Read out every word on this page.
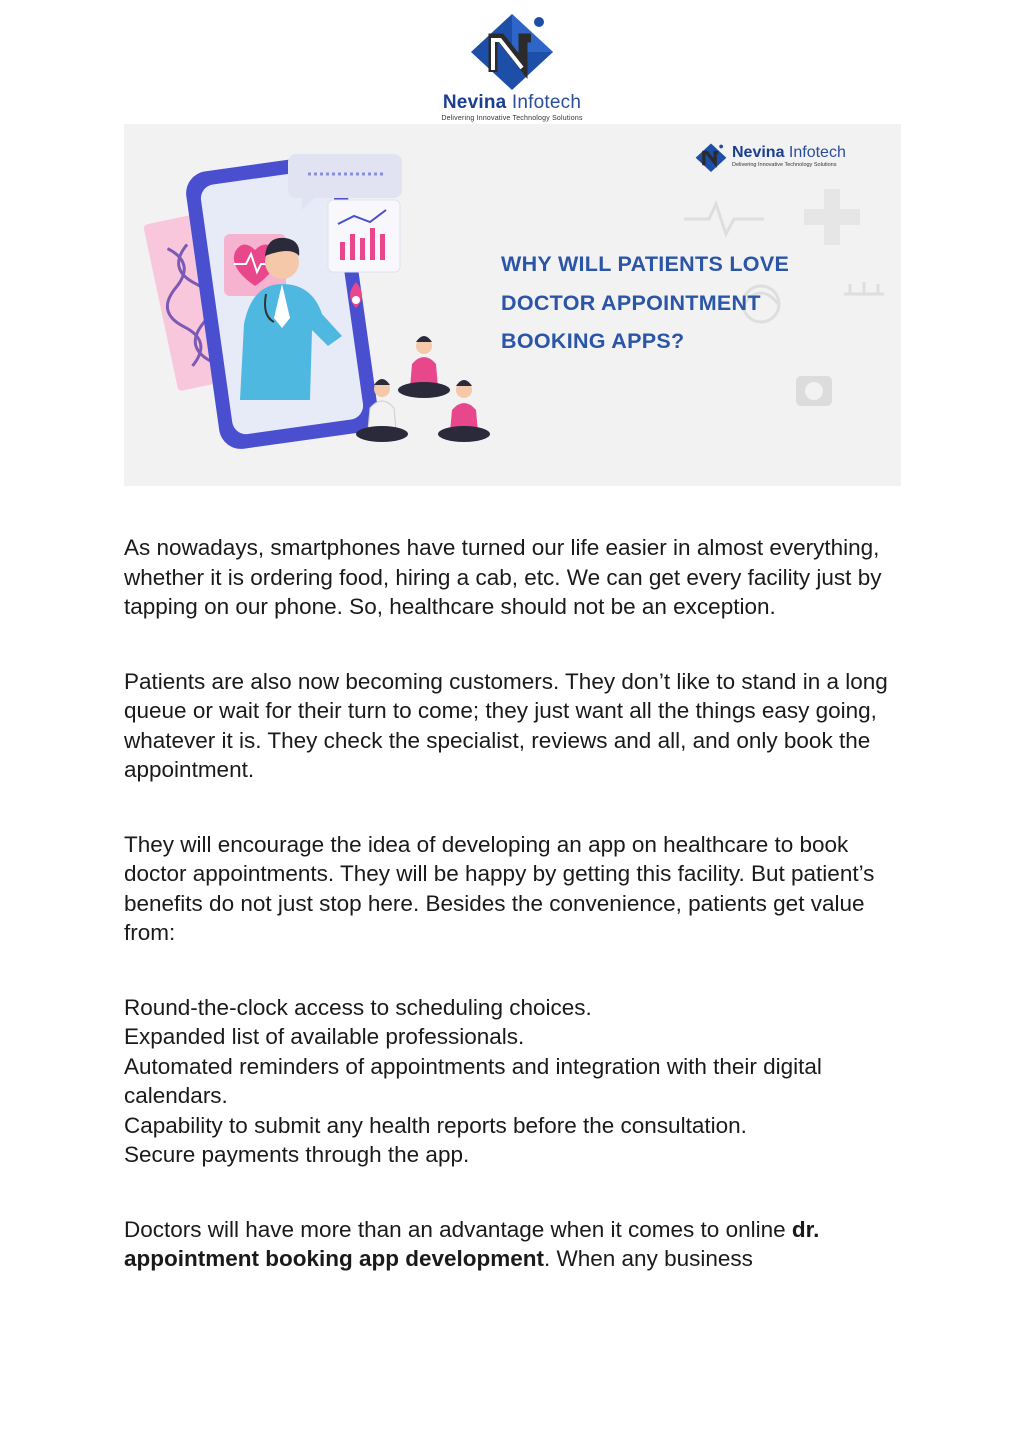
Nevina Infotech
Delivering Innovative Technology Solutions
Nevina Infotech
Delivering Innovative Technology Solutions
WHY WILL PATIENTS LOVE
DOCTOR APPOINTMENT
BOOKING APPS?

As nowadays, smartphones have turned our life easier in almost everything, whether it is ordering food, hiring a cab, etc. We can get every facility just by tapping on our phone. So, healthcare should not be an exception.

Patients are also now becoming customers. They don’t like to stand in a long queue or wait for their turn to come; they just want all the things easy going, whatever it is. They check the specialist, reviews and all, and only book the appointment.

They will encourage the idea of developing an app on healthcare to book doctor appointments. They will be happy by getting this facility. But patient’s benefits do not just stop here. Besides the convenience, patients get value from:

Round-the-clock access to scheduling choices.

Expanded list of available professionals.

Automated reminders of appointments and integration with their digital calendars.

Capability to submit any health reports before the consultation.

Secure payments through the app.

Doctors will have more than an advantage when it comes to online dr. appointment booking app development. When any business
